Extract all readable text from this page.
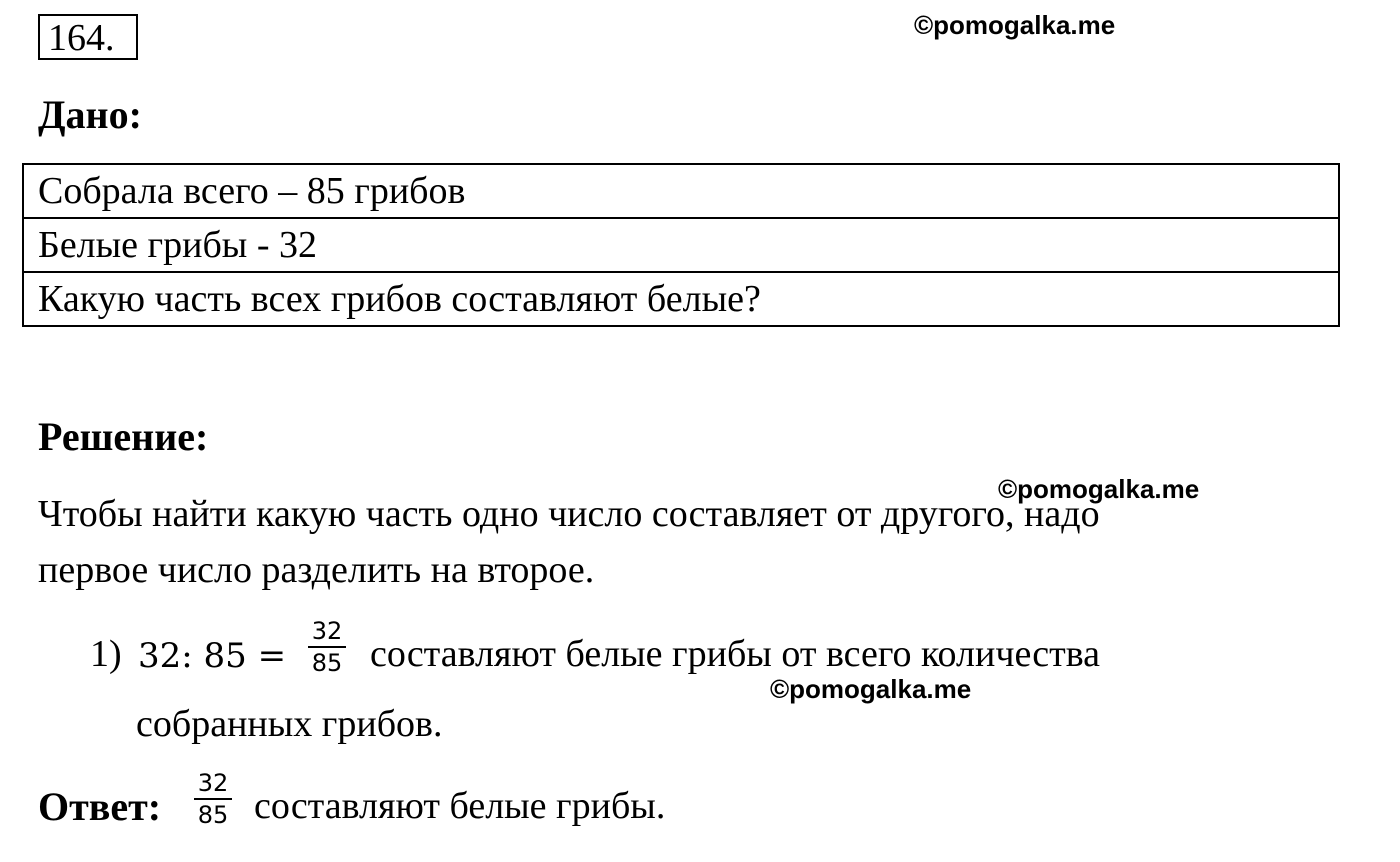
164.	©pomogalka.me
Дано:
Собрала всего – 85 грибов
Белые грибы - 32
Какую часть всех грибов составляют белые?
Решение:
Чтобы найти какую часть одно число составляет от другого, надо
©pomogalka.me
первое число разделить на второе.
1) 32: 85 =
32
85 составляют белые грибы от всего количества
©pomogalka.me
собранных грибов.
Ответ:
32
85 составляют белые грибы.
